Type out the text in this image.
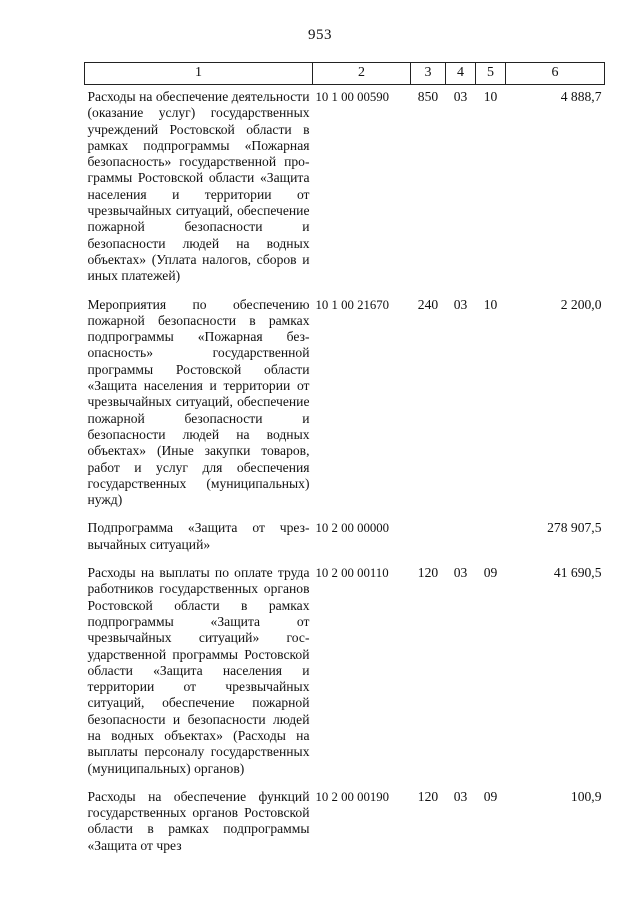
953
1	2	3	4	5	6
Расходы на обеспечение деятельности (оказание услуг) государственных учреждений Ростовской области в рамках подпрограммы «Пожарная безопасность» государственной программы Ростовской области «Защита населения и территории от чрезвычайных ситуаций, обеспечение пожарной безопасности и безопасности людей на водных объектах» (Уплата налогов, сборов и иных платежей)	10 1 00 00590	850	03	10	4 888,7
Мероприятия по обеспечению пожарной безопасности в рамках подпрограммы «Пожарная безопасность» государственной программы Ростовской области «Защита населения и территории от чрезвычайных ситуаций, обеспечение пожарной безопасности и безопасности людей на водных объектах» (Иные закупки товаров, работ и услуг для обеспечения государственных (муниципальных) нужд)	10 1 00 21670	240	03	10	2 200,0
Подпрограмма «Защита от чрезвычайных ситуаций»	10 2 00 00000				278 907,5
Расходы на выплаты по оплате труда работников государственных органов Ростовской области в рамках подпрограммы «Защита от чрезвычайных ситуаций» государственной программы Ростовской области «Защита населения и территории от чрезвычайных ситуаций, обеспечение пожарной безопасности и безопасности людей на водных объектах» (Расходы на выплаты персоналу государственных (муниципальных) органов)	10 2 00 00110	120	03	09	41 690,5
Расходы на обеспечение функций государственных органов Ростовской области в рамках подпрограммы «Защита от чрез	10 2 00 00190	120	03	09	100,9
